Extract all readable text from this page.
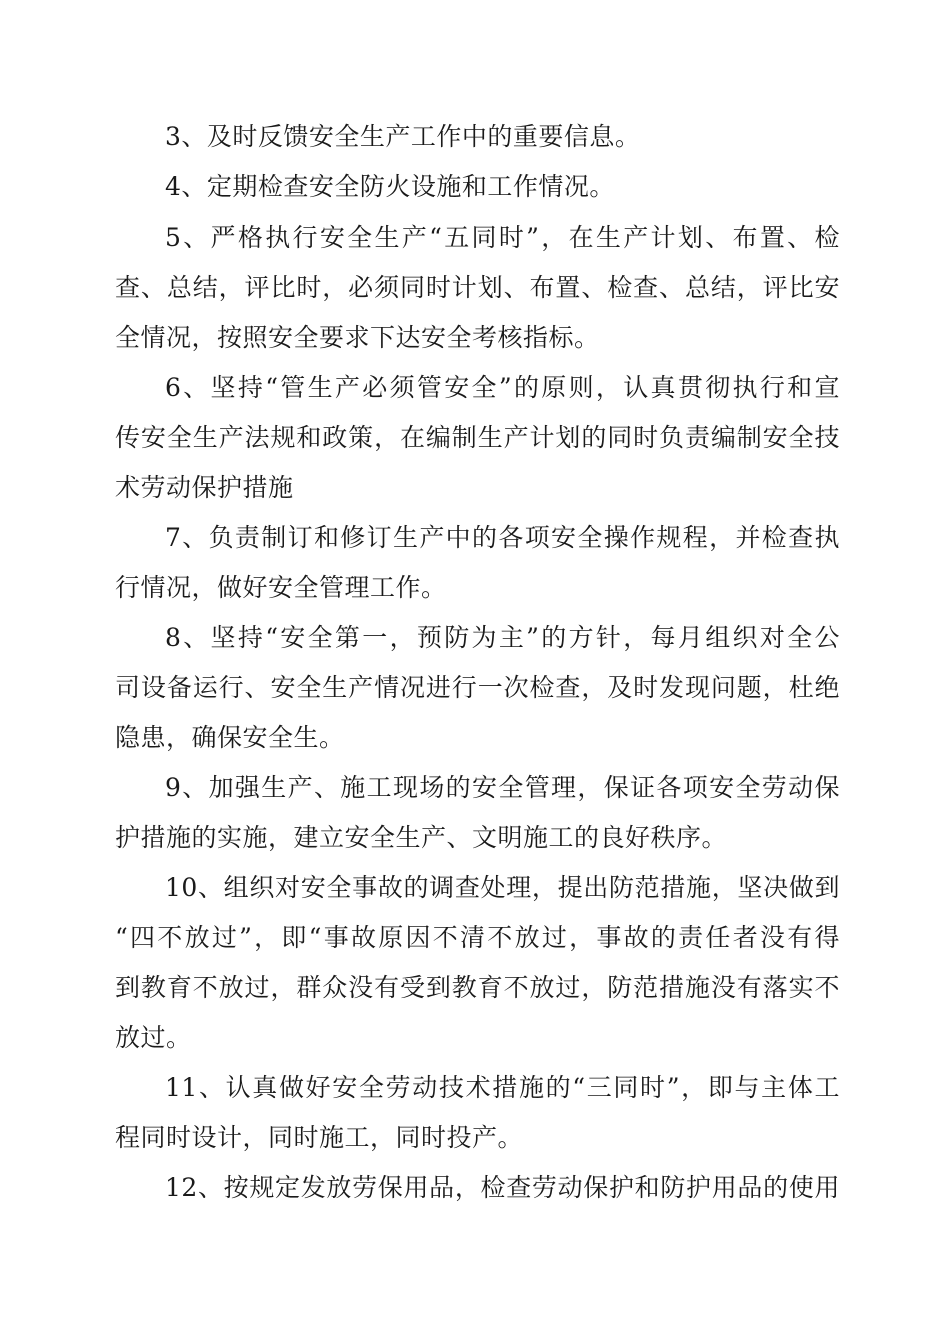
3、及时反馈安全生产工作中的重要信息。
4、定期检查安全防火设施和工作情况。
5、严格执行安全生产“五同时”，在生产计划、布置、检
查、总结，评比时，必须同时计划、布置、检查、总结，评比安
全情况，按照安全要求下达安全考核指标。
6、坚持“管生产必须管安全”的原则，认真贯彻执行和宣
传安全生产法规和政策，在编制生产计划的同时负责编制安全技
术劳动保护措施
7、负责制订和修订生产中的各项安全操作规程，并检查执
行情况，做好安全管理工作。
8、坚持“安全第一，预防为主”的方针，每月组织对全公
司设备运行、安全生产情况进行一次检查，及时发现问题，杜绝
隐患，确保安全生。
9、加强生产、施工现场的安全管理，保证各项安全劳动保
护措施的实施，建立安全生产、文明施工的良好秩序。
10、组织对安全事故的调查处理，提出防范措施，坚决做到
“四不放过”，即“事故原因不清不放过，事故的责任者没有得
到教育不放过，群众没有受到教育不放过，防范措施没有落实不
放过。
11、认真做好安全劳动技术措施的“三同时”，即与主体工
程同时设计，同时施工，同时投产。
12、按规定发放劳保用品，检查劳动保护和防护用品的使用
